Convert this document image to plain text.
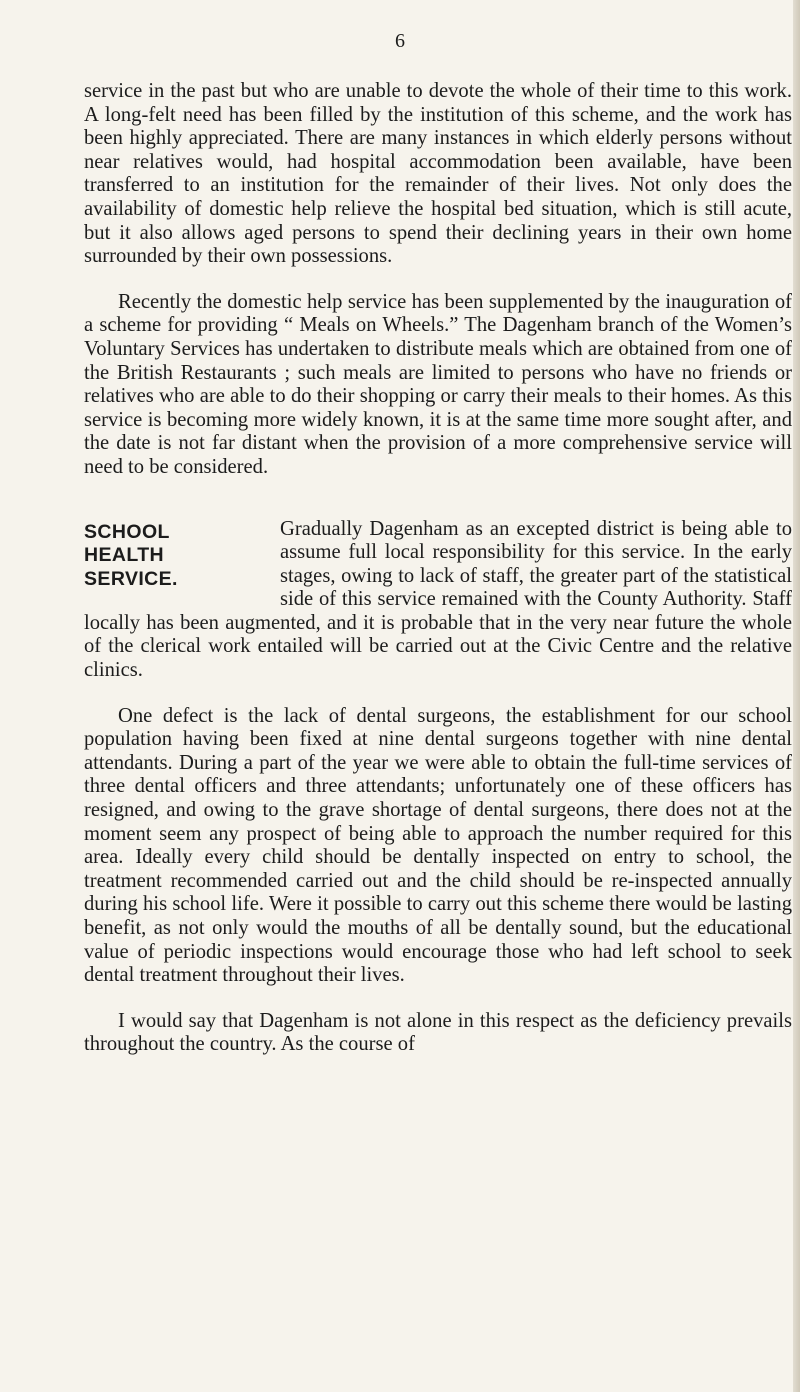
6

service in the past but who are unable to devote the whole of their time to this work. A long-felt need has been filled by the institution of this scheme, and the work has been highly appreciated. There are many instances in which elderly persons without near relatives would, had hospital accommodation been available, have been transferred to an institution for the remainder of their lives. Not only does the availability of domestic help relieve the hospital bed situation, which is still acute, but it also allows aged persons to spend their declining years in their own home surrounded by their own possessions.

Recently the domestic help service has been supplemented by the inauguration of a scheme for providing “ Meals on Wheels.” The Dagenham branch of the Women’s Voluntary Services has undertaken to distribute meals which are obtained from one of the British Restaurants ; such meals are limited to persons who have no friends or relatives who are able to do their shopping or carry their meals to their homes. As this service is becoming more widely known, it is at the same time more sought after, and the date is not far distant when the provision of a more comprehensive service will need to be considered.

SCHOOL
HEALTH
SERVICE.

Gradually Dagenham as an excepted district is being able to assume full local responsibility for this service. In the early stages, owing to lack of staff, the greater part of the statistical side of this service remained with the County Authority. Staff locally has been augmented, and it is probable that in the very near future the whole of the clerical work entailed will be carried out at the Civic Centre and the relative clinics.

One defect is the lack of dental surgeons, the establishment for our school population having been fixed at nine dental surgeons together with nine dental attendants. During a part of the year we were able to obtain the full-time services of three dental officers and three attendants; unfortunately one of these officers has resigned, and owing to the grave shortage of dental surgeons, there does not at the moment seem any prospect of being able to approach the number required for this area. Ideally every child should be dentally inspected on entry to school, the treatment recommended carried out and the child should be re-inspected annually during his school life. Were it possible to carry out this scheme there would be lasting benefit, as not only would the mouths of all be dentally sound, but the educational value of periodic inspections would encourage those who had left school to seek dental treatment throughout their lives.

I would say that Dagenham is not alone in this respect as the deficiency prevails throughout the country. As the course of
